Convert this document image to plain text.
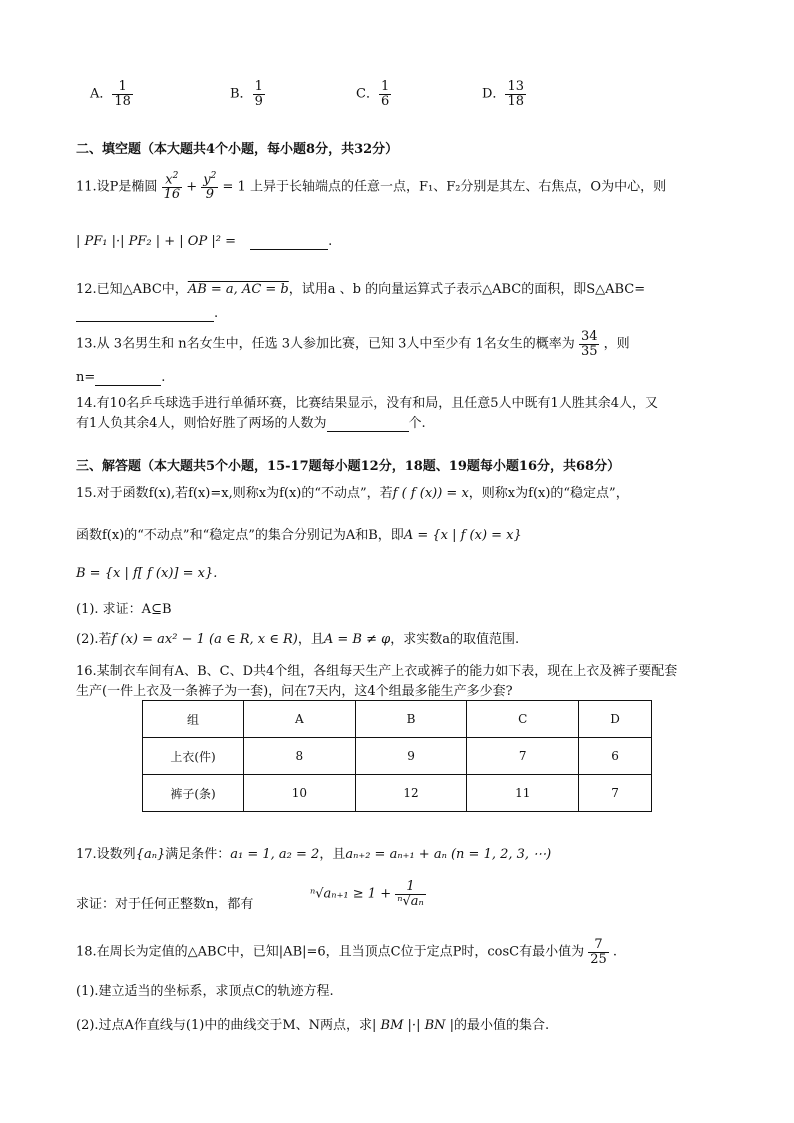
A． $\frac{1}{18}$	B． $\frac{1}{9}$	C． $\frac{1}{6}$	D． $\frac{13}{18}$
二、填空题（本大题共4个小题，每小题8分，共32分）
11.设P是椭圆 $\frac{x^2}{16} + \frac{y^2}{9} = 1$ 上异于长轴端点的任意一点，F₁、F₂分别是其左、右焦点，O为中心，则
| PF₁ |·| PF₂ | + | OP |² =	.
12.已知△ABC中，AB = a, AC = b，试用a 、b 的向量运算式子表示△ABC的面积，即S△ABC=
.
13.从 3名男生和 n名女生中，任选 3人参加比赛，已知 3人中至少有 1名女生的概率为 $\frac{34}{35}$ ，则
n=	.
14.有10名乒乓球选手进行单循环赛，比赛结果显示，没有和局，且任意5人中既有1人胜其余4人，又
有1人负其余4人，则恰好胜了两场的人数为	个.
三、解答题（本大题共5个小题，15-17题每小题12分，18题、19题每小题16分，共68分）
15.对于函数f(x),若f(x)=x,则称x为f(x)的“不动点”，若f ( f (x)) = x，则称x为f(x)的“稳定点”，
函数f(x)的“不动点”和“稳定点”的集合分别记为A和B，即A = {x | f (x) = x}
B = {x | f[ f (x)] = x}.
(1). 求证：A⊆B
(2).若f (x) = ax² − 1 (a ∈ R, x ∈ R)，且A = B ≠ φ，求实数a的取值范围.
16.某制衣车间有A、B、C、D共4个组，各组每天生产上衣或裤子的能力如下表，现在上衣及裤子要配套
生产(一件上衣及一条裤子为一套)，问在7天内，这4个组最多能生产多少套?
组	A	B	C	D
上衣(件)	8	9	7	6
裤子(条)	10	12	11	7
17.设数列{aₙ}满足条件：a₁ = 1, a₂ = 2，且aₙ₊₂ = aₙ₊₁ + aₙ (n = 1, 2, 3, ⋯)
求证：对于任何正整数n，都有
$^n√a_{n+1} \ge 1 + \frac{1}{\text{ⁿ√aₙ}}$
18.在周长为定值的△ABC中，已知|AB|=6，且当顶点C位于定点P时，cosC有最小值为 $\frac{7}{25}$ .
(1).建立适当的坐标系，求顶点C的轨迹方程.
(2).过点A作直线与(1)中的曲线交于M、N两点，求| BM |·| BN |的最小值的集合.
